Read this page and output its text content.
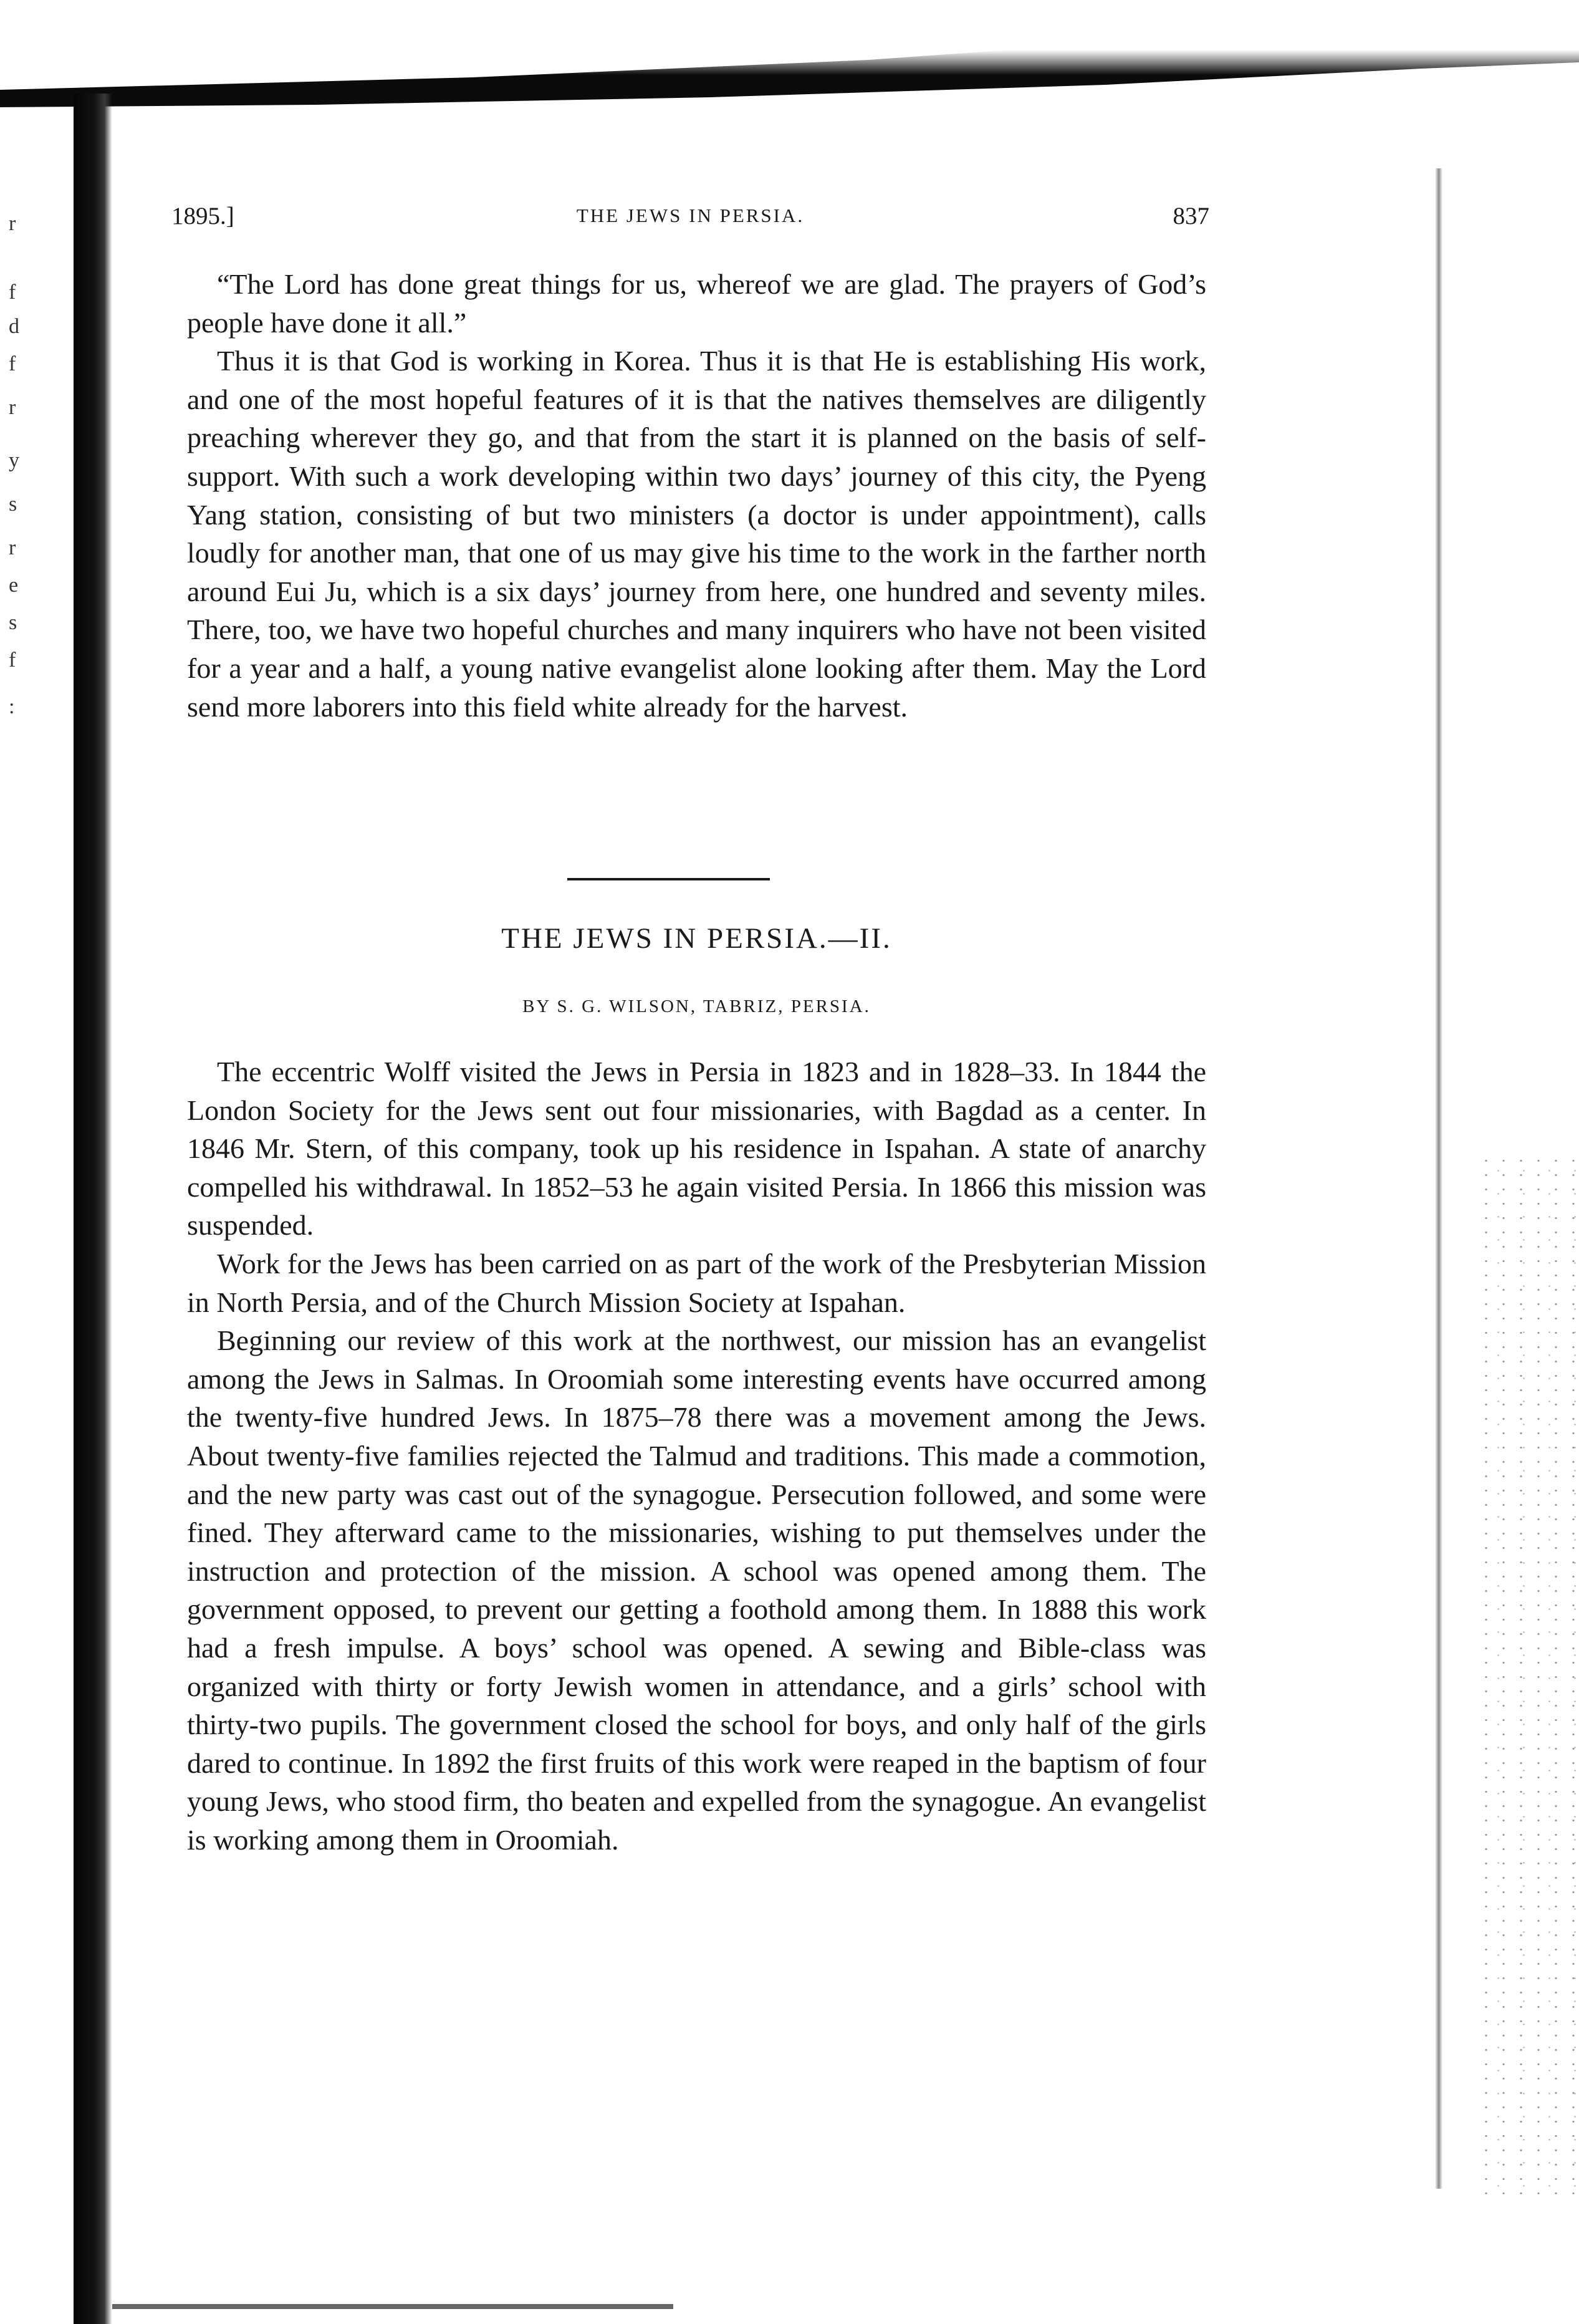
r
f
d
f
r
y
s
r
e
s
f
:
1895.]	THE JEWS IN PERSIA.	837

“The Lord has done great things for us, whereof we are glad. The prayers of God’s people have done it all.”

Thus it is that God is working in Korea. Thus it is that He is establishing His work, and one of the most hopeful features of it is that the natives themselves are diligently preaching wherever they go, and that from the start it is planned on the basis of self-support. With such a work developing within two days’ journey of this city, the Pyeng Yang station, consisting of but two ministers (a doctor is under appointment), calls loudly for another man, that one of us may give his time to the work in the farther north around Eui Ju, which is a six days’ journey from here, one hundred and seventy miles. There, too, we have two hopeful churches and many inquirers who have not been visited for a year and a half, a young native evangelist alone looking after them. May the Lord send more laborers into this field white already for the harvest.

THE JEWS IN PERSIA.—II.
BY S. G. WILSON, TABRIZ, PERSIA.

The eccentric Wolff visited the Jews in Persia in 1823 and in 1828–33. In 1844 the London Society for the Jews sent out four missionaries, with Bagdad as a center. In 1846 Mr. Stern, of this company, took up his residence in Ispahan. A state of anarchy compelled his withdrawal. In 1852–53 he again visited Persia. In 1866 this mission was suspended.

Work for the Jews has been carried on as part of the work of the Presbyterian Mission in North Persia, and of the Church Mission Society at Ispahan.

Beginning our review of this work at the northwest, our mission has an evangelist among the Jews in Salmas. In Oroomiah some interesting events have occurred among the twenty-five hundred Jews. In 1875–78 there was a movement among the Jews. About twenty-five families rejected the Talmud and traditions. This made a commotion, and the new party was cast out of the synagogue. Persecution followed, and some were fined. They afterward came to the missionaries, wishing to put themselves under the instruction and protection of the mission. A school was opened among them. The government opposed, to prevent our getting a foothold among them. In 1888 this work had a fresh impulse. A boys’ school was opened. A sewing and Bible-class was organized with thirty or forty Jewish women in attendance, and a girls’ school with thirty-two pupils. The government closed the school for boys, and only half of the girls dared to continue. In 1892 the first fruits of this work were reaped in the baptism of four young Jews, who stood firm, tho beaten and expelled from the synagogue. An evangelist is working among them in Oroomiah.
